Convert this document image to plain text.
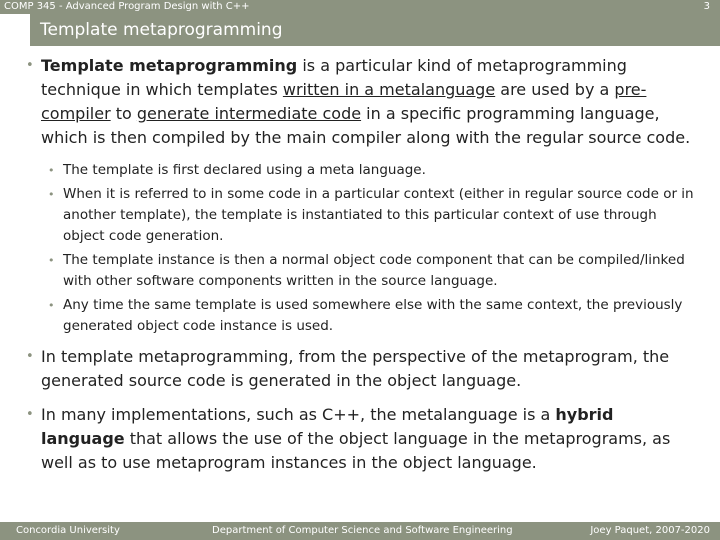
COMP 345 - Advanced Program Design with C++	3
Template metaprogramming
• Template metaprogramming is a particular kind of metaprogramming technique in which templates written in a metalanguage are used by a pre-compiler to generate intermediate code in a specific programming language, which is then compiled by the main compiler along with the regular source code.
• The template is first declared using a meta language.
• When it is referred to in some code in a particular context (either in regular source code or in another template), the template is instantiated to this particular context of use through object code generation.
• The template instance is then a normal object code component that can be compiled/linked with other software components written in the source language.
• Any time the same template is used somewhere else with the same context, the previously generated object code instance is used.
• In template metaprogramming, from the perspective of the metaprogram, the generated source code is generated in the object language.
• In many implementations, such as C++, the metalanguage is a hybrid language that allows the use of the object language in the metaprograms, as well as to use metaprogram instances in the object language.
Concordia University	Department of Computer Science and Software Engineering	Joey Paquet, 2007-2020
